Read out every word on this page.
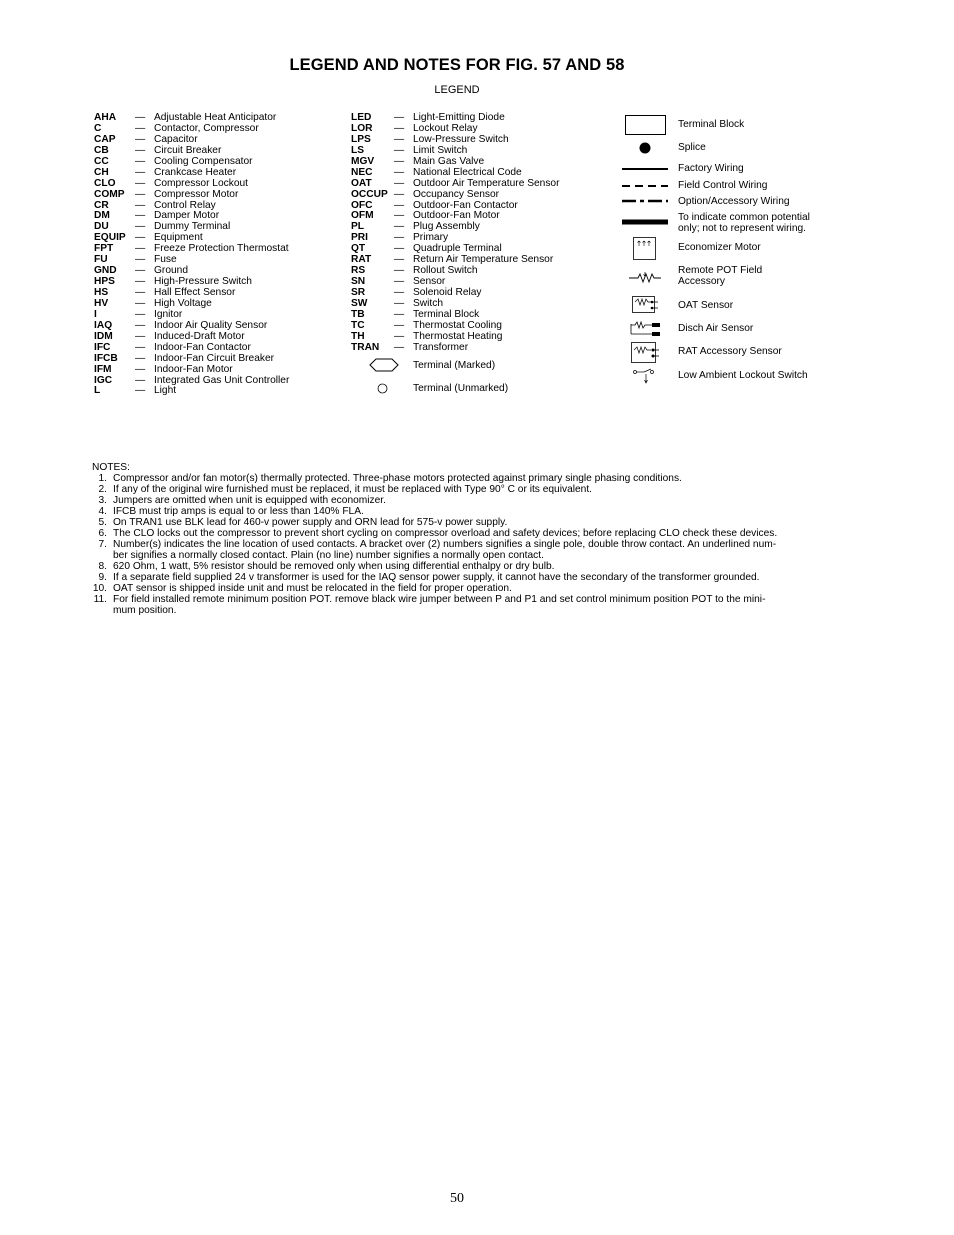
LEGEND AND NOTES FOR FIG. 57 AND 58
LEGEND
AHA — Adjustable Heat Anticipator
C	— Contactor, Compressor
CAP — Capacitor
CB	— Circuit Breaker
CC	— Cooling Compensator
CH	— Crankcase Heater
CLO — Compressor Lockout
COMP — Compressor Motor
CR	— Control Relay
DM — Damper Motor
DU	— Dummy Terminal
EQUIP — Equipment
FPT — Freeze Protection Thermostat
FU	— Fuse
GND — Ground
HPS — High-Pressure Switch
HS	— Hall Effect Sensor
HV	— High Voltage
I	— Ignitor
IAQ — Indoor Air Quality Sensor
IDM — Induced-Draft Motor
IFC — Indoor-Fan Contactor
IFCB — Indoor-Fan Circuit Breaker
IFM — Indoor-Fan Motor
IGC — Integrated Gas Unit Controller
L	— Light
LED — Light-Emitting Diode
LOR — Lockout Relay
LPS — Low-Pressure Switch
LS	— Limit Switch
MGV — Main Gas Valve
NEC — National Electrical Code
OAT — Outdoor Air Temperature Sensor
OCCUP — Occupancy Sensor
OFC — Outdoor-Fan Contactor
OFM — Outdoor-Fan Motor
PL	— Plug Assembly
PRI	— Primary
QT	— Quadruple Terminal
RAT — Return Air Temperature Sensor
RS	— Rollout Switch
SN	— Sensor
SR	— Solenoid Relay
SW	— Switch
TB	— Terminal Block
TC	— Thermostat Cooling
TH	— Thermostat Heating
TRAN — Transformer
Terminal (Marked)
Terminal (Unmarked)
Terminal Block
Splice
Factory Wiring
Field Control Wiring
Option/Accessory Wiring
To indicate common potential
only; not to represent wiring.
Economizer Motor
Remote POT Field
Accessory
OAT Sensor
Disch Air Sensor
RAT Accessory Sensor
Low Ambient Lockout Switch
NOTES:
1. Compressor and/or fan motor(s) thermally protected. Three-phase motors protected against primary single phasing conditions.
2. If any of the original wire furnished must be replaced, it must be replaced with Type 90° C or its equivalent.
3. Jumpers are omitted when unit is equipped with economizer.
4. IFCB must trip amps is equal to or less than 140% FLA.
5. On TRAN1 use BLK lead for 460-v power supply and ORN lead for 575-v power supply.
6. The CLO locks out the compressor to prevent short cycling on compressor overload and safety devices; before replacing CLO check these devices.
7. Number(s) indicates the line location of used contacts. A bracket over (2) numbers signifies a single pole, double throw contact. An underlined num-
ber signifies a normally closed contact. Plain (no line) number signifies a normally open contact.
8. 620 Ohm, 1 watt, 5% resistor should be removed only when using differential enthalpy or dry bulb.
9. If a separate field supplied 24 v transformer is used for the IAQ sensor power supply, it cannot have the secondary of the transformer grounded.
10. OAT sensor is shipped inside unit and must be relocated in the field for proper operation.
11. For field installed remote minimum position POT. remove black wire jumper between P and P1 and set control minimum position POT to the mini-
mum position.
50
